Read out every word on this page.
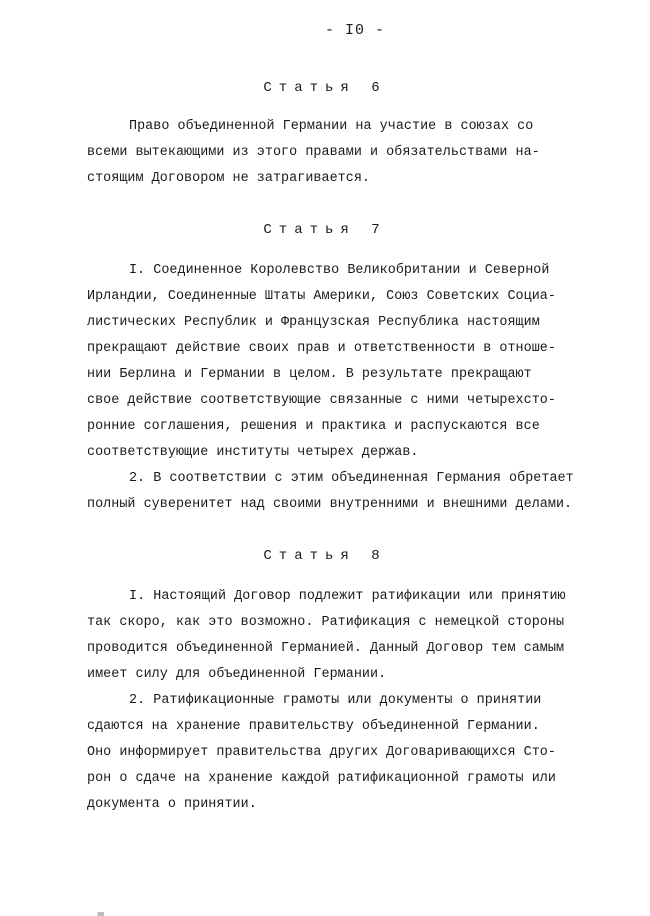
- I0 -
Статья 6
Право объединенной Германии на участие в союзах со
всеми вытекающими из этого правами и обязательствами на-
стоящим Договором не затрагивается.
Статья 7
I. Соединенное Королевство Великобритании и Северной
Ирландии, Соединенные Штаты Америки, Союз Советских Социа-
листических Республик и Французская Республика настоящим
прекращают действие своих прав и ответственности в отноше-
нии Берлина и Германии в целом. В результате прекращают
свое действие соответствующие связанные с ними четырехсто-
ронние соглашения, решения и практика и распускаются все
соответствующие институты четырех держав.
2. В соответствии с этим объединенная Германия обретает
полный суверенитет над своими внутренними и внешними делами.
Статья 8
I. Настоящий Договор подлежит ратификации или принятию
так скоро, как это возможно. Ратификация с немецкой стороны
проводится объединенной Германией. Данный Договор тем самым
имеет силу для объединенной Германии.
2. Ратификационные грамоты или документы о принятии
сдаются на хранение правительству объединенной Германии.
Оно информирует правительства других Договаривающихся Сто-
рон о сдаче на хранение каждой ратификационной грамоты или
документа о принятии.
